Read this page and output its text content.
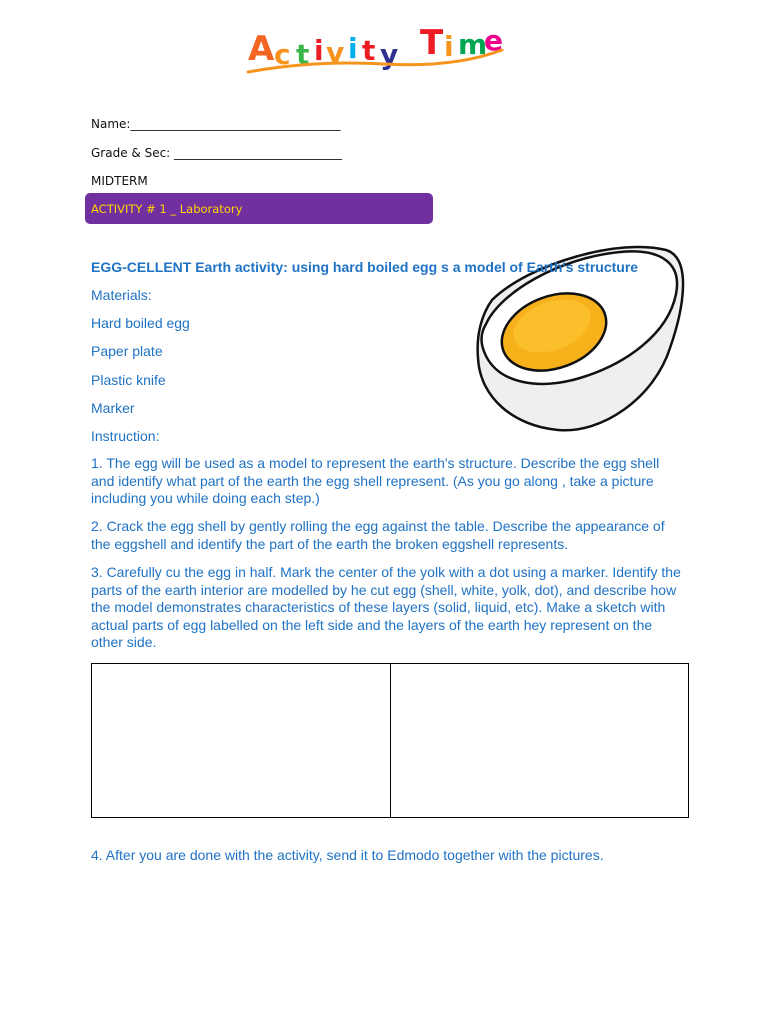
A c t i v i t y T i m
e
Name:___________________________________
Grade & Sec: ____________________________
MIDTERM
ACTIVITY # 1 _ Laboratory
EGG-CELLENT Earth activity: using hard boiled egg s a model of Earth's structure
Materials:
Hard boiled egg
Paper plate
Plastic knife
Marker
Instruction:
1. The egg will be used as a model to represent the earth's structure. Describe the egg shell and identify what part of the earth the egg shell represent. (As you go along , take a picture including you while doing each step.)
2. Crack the egg shell by gently rolling the egg against the table. Describe the appearance of the eggshell and identify the part of the earth the broken eggshell represents.
3. Carefully cu the egg in half. Mark the center of the yolk with a dot using a marker. Identify the parts of the earth interior are modelled by he cut egg (shell, white, yolk, dot), and describe how the model demonstrates characteristics of these layers (solid, liquid, etc). Make a sketch with actual parts of egg labelled on the left side and the layers of the earth hey represent on the other side.
4. After you are done with the activity, send it to Edmodo together with the pictures.
